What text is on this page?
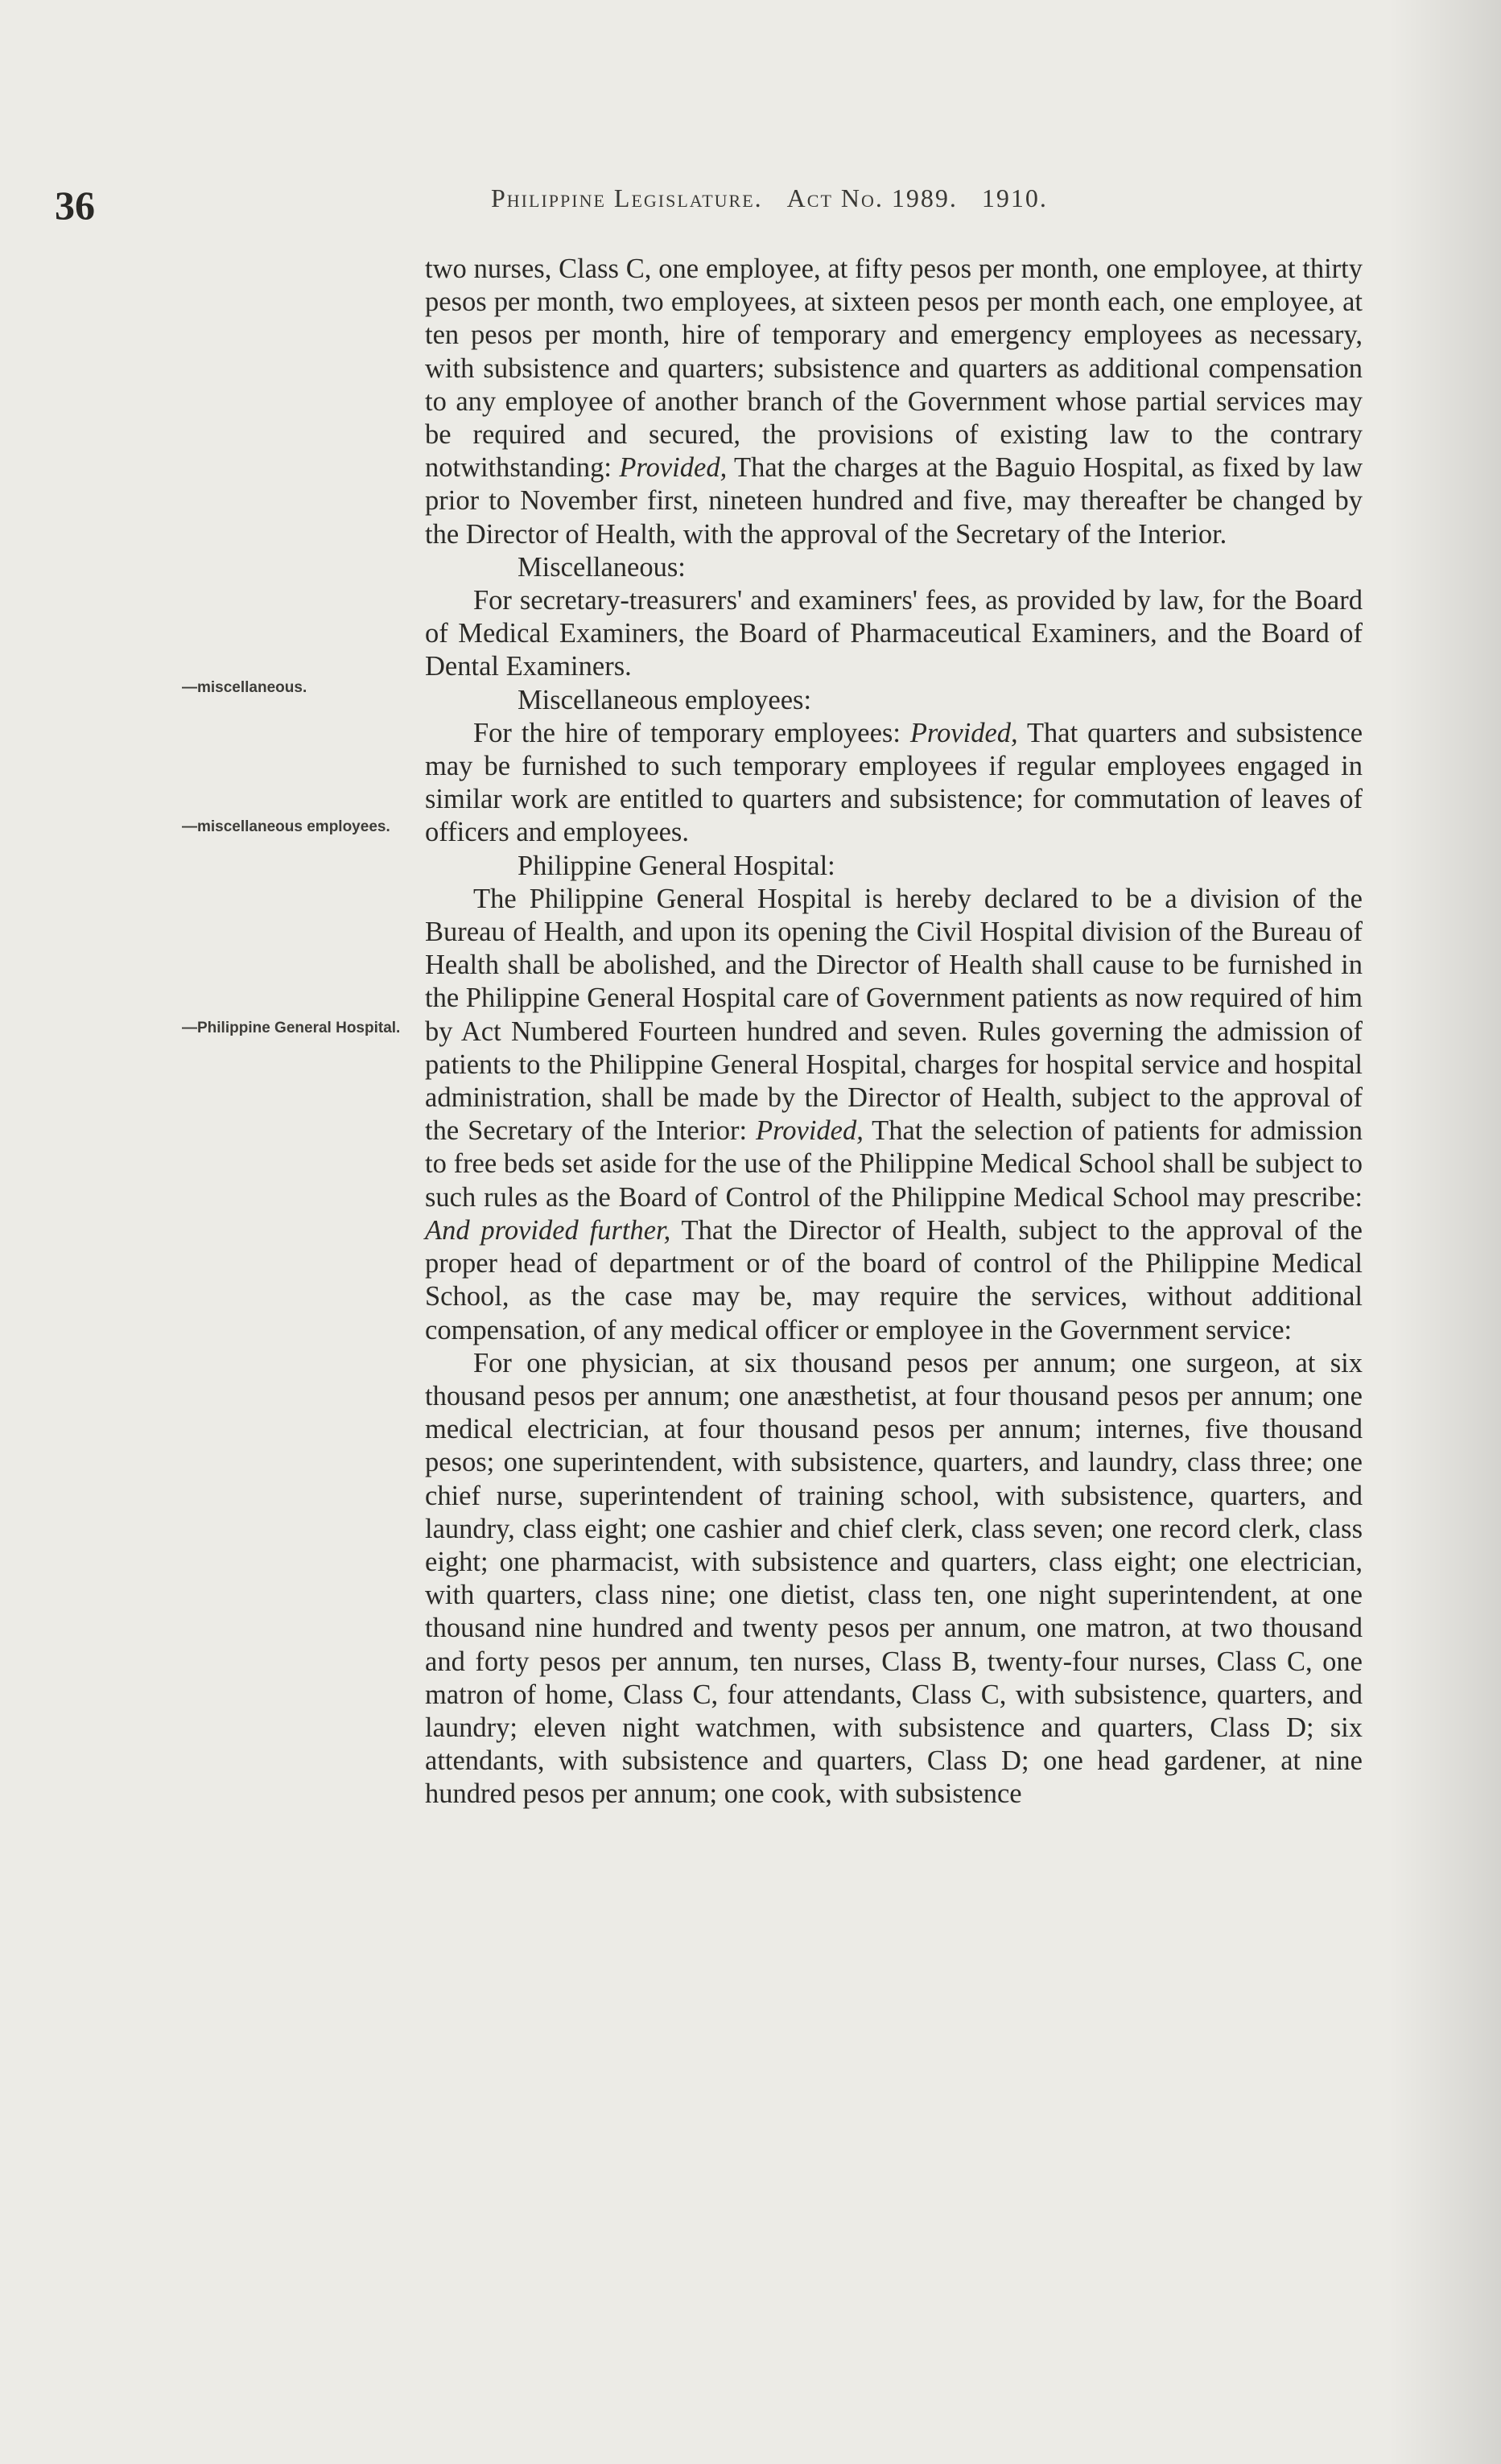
36	Philippine Legislature. Act No. 1989. 1910.
—miscellaneous.
—miscellaneous employees.
—Philippine General Hospital.

two nurses, Class C, one employee, at fifty pesos per month, one employee, at thirty pesos per month, two employees, at sixteen pesos per month each, one employee, at ten pesos per month, hire of temporary and emergency employees as necessary, with subsistence and quarters; subsistence and quarters as additional compensation to any employee of another branch of the Government whose partial services may be required and secured, the provisions of existing law to the contrary notwithstanding: Provided, That the charges at the Baguio Hospital, as fixed by law prior to November first, nineteen hundred and five, may thereafter be changed by the Director of Health, with the approval of the Secretary of the Interior.

Miscellaneous:

For secretary-treasurers' and examiners' fees, as provided by law, for the Board of Medical Examiners, the Board of Pharmaceutical Examiners, and the Board of Dental Examiners.

Miscellaneous employees:

For the hire of temporary employees: Provided, That quarters and subsistence may be furnished to such temporary employees if regular employees engaged in similar work are entitled to quarters and subsistence; for commutation of leaves of officers and employees.

Philippine General Hospital:

The Philippine General Hospital is hereby declared to be a division of the Bureau of Health, and upon its opening the Civil Hospital division of the Bureau of Health shall be abolished, and the Director of Health shall cause to be furnished in the Philippine General Hospital care of Government patients as now required of him by Act Numbered Fourteen hundred and seven. Rules governing the admission of patients to the Philippine General Hospital, charges for hospital service and hospital administration, shall be made by the Director of Health, subject to the approval of the Secretary of the Interior: Provided, That the selection of patients for admission to free beds set aside for the use of the Philippine Medical School shall be subject to such rules as the Board of Control of the Philippine Medical School may prescribe: And provided further, That the Director of Health, subject to the approval of the proper head of department or of the board of control of the Philippine Medical School, as the case may be, may require the services, without additional compensation, of any medical officer or employee in the Government service:

For one physician, at six thousand pesos per annum; one surgeon, at six thousand pesos per annum; one anæsthetist, at four thousand pesos per annum; one medical electrician, at four thousand pesos per annum; internes, five thousand pesos; one superintendent, with subsistence, quarters, and laundry, class three; one chief nurse, superintendent of training school, with subsistence, quarters, and laundry, class eight; one cashier and chief clerk, class seven; one record clerk, class eight; one pharmacist, with subsistence and quarters, class eight; one electrician, with quarters, class nine; one dietist, class ten, one night superintendent, at one thousand nine hundred and twenty pesos per annum, one matron, at two thousand and forty pesos per annum, ten nurses, Class B, twenty-four nurses, Class C, one matron of home, Class C, four attendants, Class C, with subsistence, quarters, and laundry; eleven night watchmen, with subsistence and quarters, Class D; six attendants, with subsistence and quarters, Class D; one head gardener, at nine hundred pesos per annum; one cook, with subsistence
